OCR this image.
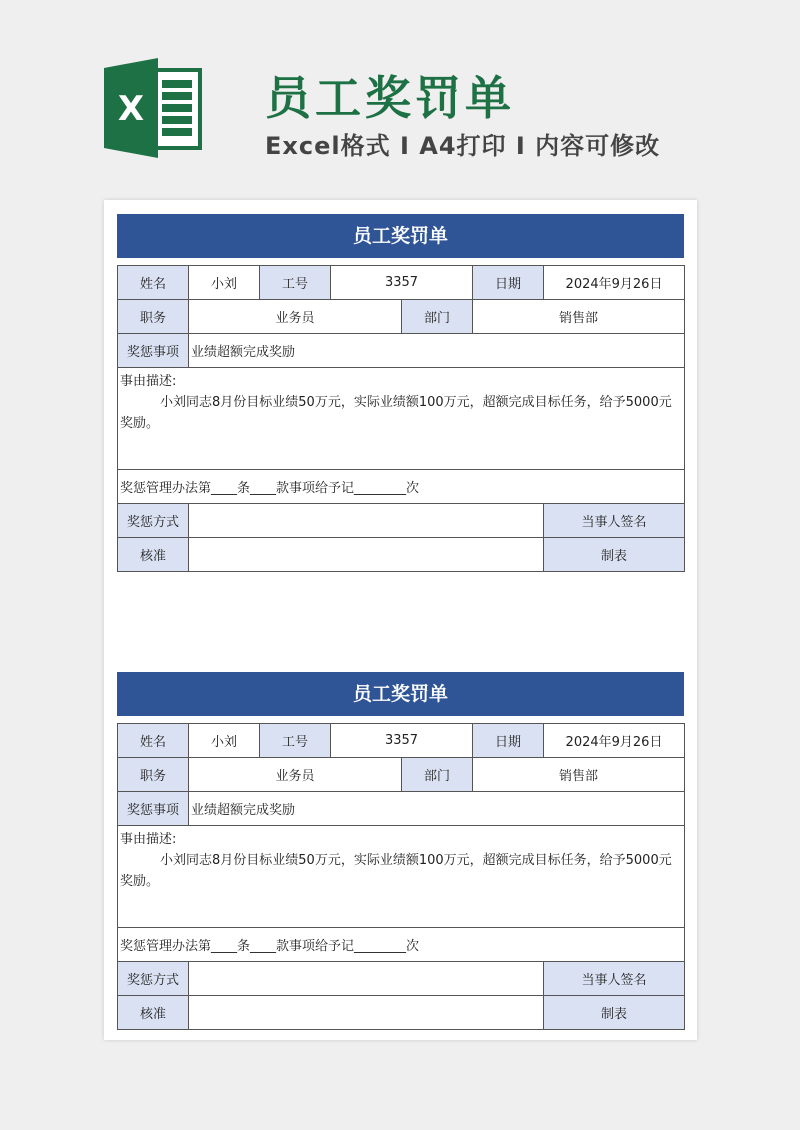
X	员工奖罚单
Excel格式 I A4打印 I 内容可修改
员工奖罚单
姓名	小刘	工号	3357		日期	2024年9月26日	
职务	业务员			部门	销售部		
奖惩事项	业绩超额完成奖励						
事由描述:
小刘同志8月份目标业绩50万元，实际业绩额100万元，超额完成目标任务，给予5000元奖励。							

奖惩管理办法第____条____款事项给予记________次							
奖惩方式						当事人签名	
核准						制表	
员工奖罚单
姓名	小刘	工号	3357		日期	2024年9月26日	
职务	业务员			部门	销售部		
奖惩事项	业绩超额完成奖励						
事由描述:
小刘同志8月份目标业绩50万元，实际业绩额100万元，超额完成目标任务，给予5000元奖励。							

奖惩管理办法第____条____款事项给予记________次							
奖惩方式						当事人签名	
核准						制表	
